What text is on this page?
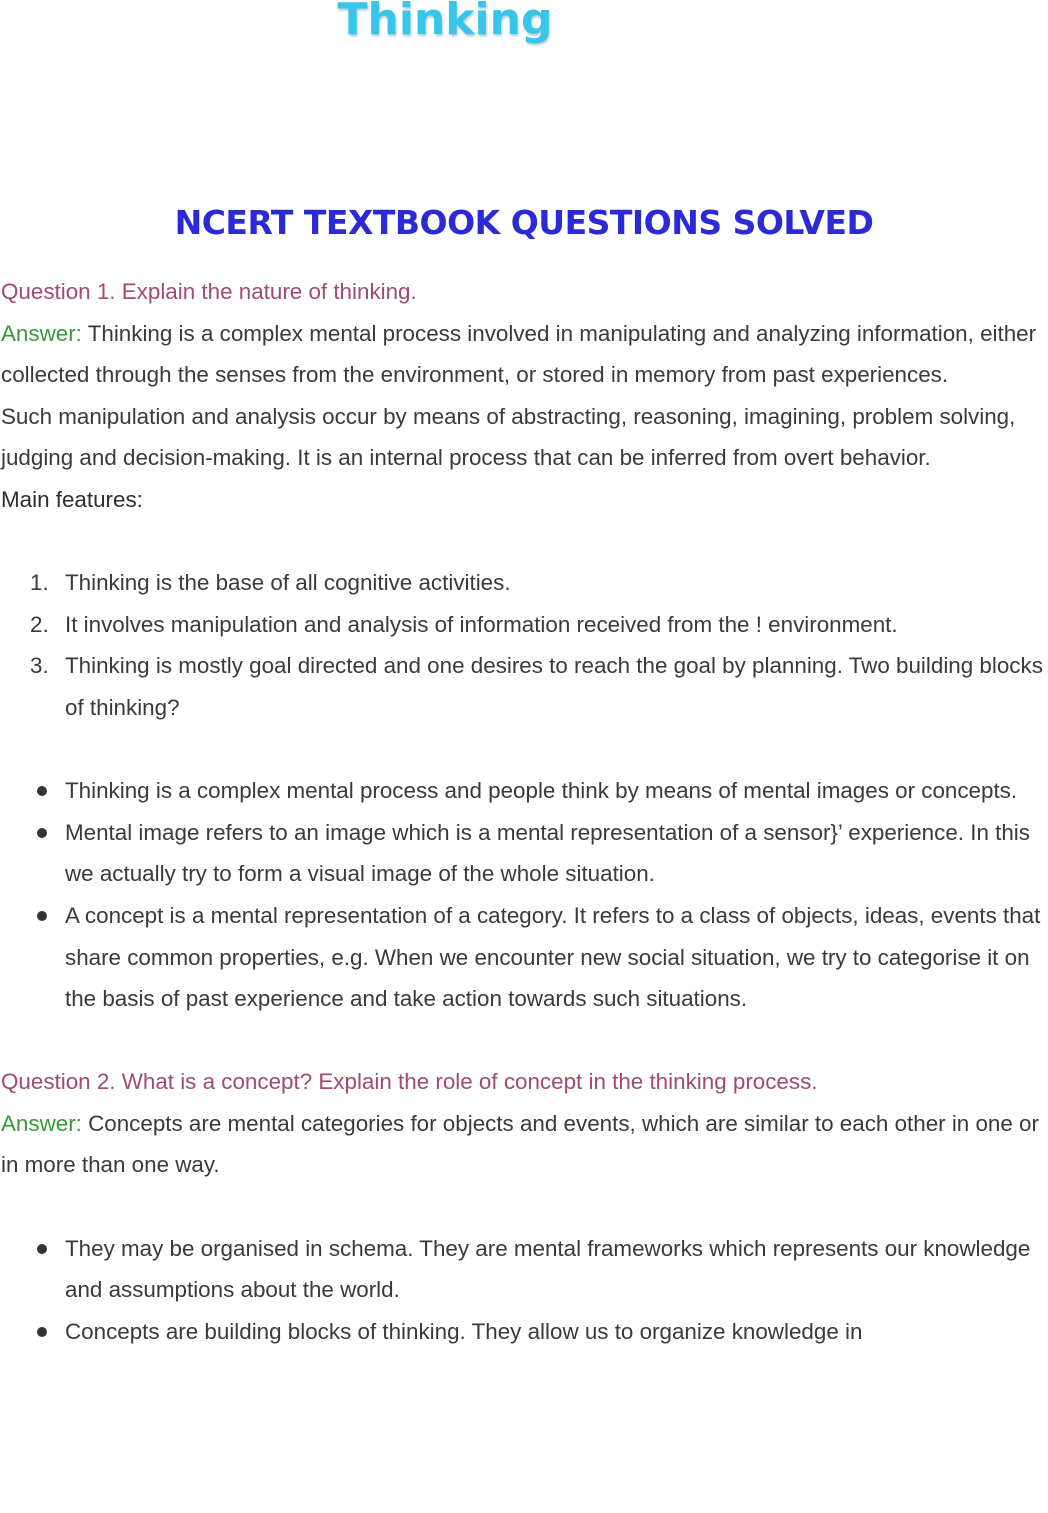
Thinking
NCERT TEXTBOOK QUESTIONS SOLVED

Question 1. Explain the nature of thinking.

Answer: Thinking is a complex mental process involved in manipulating and analyzing information, either collected through the senses from the environment, or stored in memory from past experiences.

Such manipulation and analysis occur by means of abstracting, reasoning, imagining, problem solving, judging and decision-making. It is an internal process that can be inferred from overt behavior.

Main features:

1. Thinking is the base of all cognitive activities.
2. It involves manipulation and analysis of information received from the ! environment.
3. Thinking is mostly goal directed and one desires to reach the goal by planning. Two building blocks of thinking?
Thinking is a complex mental process and people think by means of mental images or concepts.
Mental image refers to an image which is a mental representation of a sensor}’ experience. In this we actually try to form a visual image of the whole situation.
A concept is a mental representation of a category. It refers to a class of objects, ideas, events that share common properties, e.g. When we encounter new social situation, we try to categorise it on the basis of past experience and take action towards such situations.

Question 2. What is a concept? Explain the role of concept in the thinking process.

Answer: Concepts are mental categories for objects and events, which are similar to each other in one or in more than one way.

They may be organised in schema. They are mental frameworks which represents our knowledge and assumptions about the world.
Concepts are building blocks of thinking. They allow us to organize knowledge in
